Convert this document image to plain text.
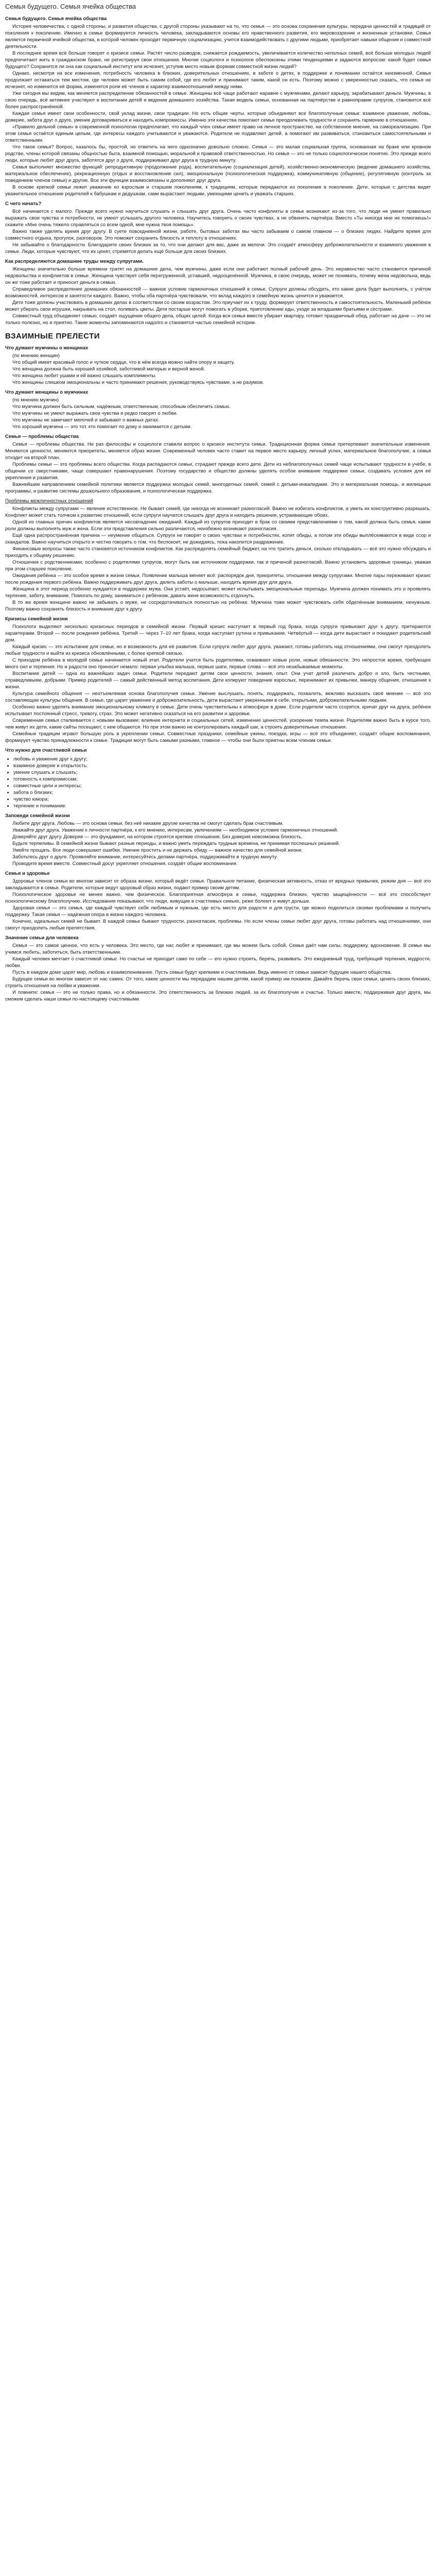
Семья будущего. Семья ячейка общества
Семья будущего. Семья ячейка общества

История человечества, с одной стороны, и развития общества, с другой стороны указывают на то, что семья — это основа сохранения культуры, передачи ценностей и традиций от поколения к поколению. Именно в семье формируется личность человека, закладываются основы его нравственного развития, его мировоззрение и жизненные установки. Семья является первичной ячейкой общества, в которой человек проходит первичную социализацию, учится взаимодействовать с другими людьми, приобретает навыки общения и совместной деятельности.

В последнее время всё больше говорят о кризисе семьи. Растёт число разводов, снижается рождаемость, увеличивается количество неполных семей, всё больше молодых людей предпочитают жить в гражданском браке, не регистрируя свои отношения. Многие социологи и психологи обеспокоены этими тенденциями и задаются вопросом: какой будет семья будущего? Сохранится ли она как социальный институт или исчезнет, уступив место новым формам совместной жизни людей?

Однако, несмотря на все изменения, потребность человека в близких, доверительных отношениях, в заботе о детях, в поддержке и понимании остаётся неизменной. Семья продолжает оставаться тем местом, где человек может быть самим собой, где его любят и принимают таким, какой он есть. Поэтому можно с уверенностью сказать, что семья не исчезнет, но изменится её форма, изменятся роли её членов и характер взаимоотношений между ними.

Уже сегодня мы видим, как меняется распределение обязанностей в семье. Женщины всё чаще работают наравне с мужчинами, делают карьеру, зарабатывают деньги. Мужчины, в свою очередь, всё активнее участвуют в воспитании детей и ведении домашнего хозяйства. Такая модель семьи, основанная на партнёрстве и равноправии супругов, становится всё более распространённой.

Каждая семья имеет свои особенности, свой уклад жизни, свои традиции. Но есть общие черты, которые объединяют все благополучные семьи: взаимное уважение, любовь, доверие, забота друг о друге, умение договариваться и находить компромиссы. Именно эти качества помогают семье преодолевать трудности и сохранять гармонию в отношениях.

«Правило дельной семьи» в современной психологии предполагает, что каждый член семьи имеет право на личное пространство, на собственное мнение, на самореализацию. При этом семья остаётся единым целым, где интересы каждого учитываются и уважаются. Родители не подавляют детей, а помогают им развиваться, становиться самостоятельными и ответственными.

Что такое семья? Вопрос, казалось бы, простой, но ответить на него однозначно довольно сложно. Семья — это малая социальная группа, основанная на браке или кровном родстве, члены которой связаны общностью быта, взаимной помощью, моральной и правовой ответственностью. Но семья — это не только социологическое понятие. Это прежде всего люди, которые любят друг друга, заботятся друг о друге, поддерживают друг друга в трудную минуту.

Семья выполняет множество функций: репродуктивную (продолжение рода), воспитательную (социализация детей), хозяйственно-экономическую (ведение домашнего хозяйства, материальное обеспечение), рекреационную (отдых и восстановление сил), эмоциональную (психологическая поддержка), коммуникативную (общение), регулятивную (контроль за поведением членов семьи) и другие. Все эти функции взаимосвязаны и дополняют друг друга.

В основе крепкой семьи лежит уважение ко взрослым и старшим поколениям, к традициям, которые передаются из поколения в поколение. Дети, которые с детства видят уважительное отношение родителей к бабушкам и дедушкам, сами вырастают людьми, умеющими ценить и уважать старших.

С чего начать?

Всё начинается с малого. Прежде всего нужно научиться слушать и слышать друг друга. Очень часто конфликты в семье возникают из-за того, что люди не умеют правильно выражать свои чувства и потребности, не умеют услышать другого человека. Научитесь говорить о своих чувствах, а не обвинять партнёра. Вместо «Ты никогда мне не помогаешь!» скажите «Мне очень тяжело справляться со всем одной, мне нужна твоя помощь».

Важно также уделять время друг другу. В суете повседневной жизни, работе, бытовых заботах мы часто забываем о самом главном — о близких людях. Найдите время для совместного отдыха, прогулок, разговоров. Это поможет сохранить близость и теплоту в отношениях.

Не забывайте о благодарности. Благодарите своих близких за то, что они делают для вас, даже за мелочи. Это создаёт атмосферу доброжелательности и взаимного уважения в семье. Люди, которые чувствуют, что их ценят, стремятся делать ещё больше для своих близких.

Как распределяются домашние труды между супругами.

Женщины значительно больше времени тратят на домашние дела, чем мужчины, даже если они работают полный рабочий день. Это неравенство часто становится причиной недовольства и конфликтов в семье. Женщина чувствует себя перегруженной, уставшей, недооценённой. Мужчина, в свою очередь, может не понимать, почему жена недовольна, ведь он же тоже работает и приносит деньги в семью.

Справедливое распределение домашних обязанностей — важное условие гармоничных отношений в семье. Супруги должны обсудить, кто какие дела будет выполнять, с учётом возможностей, интересов и занятости каждого. Важно, чтобы оба партнёра чувствовали, что вклад каждого в семейную жизнь ценится и уважается.

Дети тоже должны участвовать в домашних делах в соответствии со своим возрастом. Это приучает их к труду, формирует ответственность и самостоятельность. Маленький ребёнок может убирать свои игрушки, накрывать на стол, поливать цветы. Дети постарше могут помогать в уборке, приготовлении еды, уходе за младшими братьями и сёстрами.

Совместный труд объединяет семью, создаёт ощущение общего дела, общих целей. Когда вся семья вместе убирает квартиру, готовит праздничный обед, работает на даче — это не только полезно, но и приятно. Такие моменты запоминаются надолго и становятся частью семейной истории.

ВЗАИМНЫЕ ПРЕЛЕСТИ
Что думают мужчины о женщинах

(по мнению женщин)

Что общий имеет красивый голос и чуткое сердце, что в нём всегда можно найти опору и защиту.

Что женщина должна быть хорошей хозяйкой, заботливой матерью и верной женой.

Что женщина любит ушами и ей важно слышать комплименты.

Что женщины слишком эмоциональны и часто принимают решения, руководствуясь чувствами, а не разумом.

Что думают женщины о мужчинах

(по мнению мужчин)

Что мужчина должен быть сильным, надёжным, ответственным, способным обеспечить семью.

Что мужчины не умеют выражать свои чувства и редко говорят о любви.

Что мужчины не замечают мелочей и забывают о важных датах.

Что хороший мужчина — это тот, кто помогает по дому и занимается с детьми.

Семья — проблемы общества

Семья — проблемы общества. Не раз философы и социологи ставили вопрос о кризисе института семьи. Традиционная форма семьи претерпевает значительные изменения. Меняются ценности, меняются приоритеты, меняется образ жизни. Современный человек часто ставит на первое место карьеру, личный успех, материальное благополучие, а семья отходит на второй план.

Проблемы семьи — это проблемы всего общества. Когда распадаются семьи, страдают прежде всего дети. Дети из неблагополучных семей чаще испытывают трудности в учёбе, в общении со сверстниками, чаще совершают правонарушения. Поэтому государство и общество должны уделять особое внимание поддержке семьи, создавать условия для её укрепления и развития.

Важнейшим направлением семейной политики является поддержка молодых семей, многодетных семей, семей с детьми-инвалидами. Это и материальная помощь, и жилищные программы, и развитие системы дошкольного образования, и психологическая поддержка.

Проблемы межличностных отношений

Конфликты между супругами — явление естественное. Не бывает семей, где никогда не возникает разногласий. Важно не избегать конфликтов, а уметь их конструктивно разрешать. Конфликт может стать толчком к развитию отношений, если супруги научатся слышать друг друга и находить решения, устраивающие обоих.

Одной из главных причин конфликтов является несовпадение ожиданий. Каждый из супругов приходит в брак со своими представлениями о том, какой должна быть семья, какие роли должны выполнять муж и жена. Если эти представления сильно различаются, неизбежно возникают разногласия.

Ещё одна распространённая причина — неумение общаться. Супруги не говорят о своих чувствах и потребностях, копят обиды, а потом эти обиды выплёскиваются в виде ссор и скандалов. Важно научиться открыто и честно говорить о том, что беспокоит, не дожидаясь, пока накопится раздражение.

Финансовые вопросы также часто становятся источником конфликтов. Как распределять семейный бюджет, на что тратить деньги, сколько откладывать — всё это нужно обсуждать и приходить к общему решению.

Отношения с родственниками, особенно с родителями супругов, могут быть как источником поддержки, так и причиной разногласий. Важно установить здоровые границы, уважая при этом старшее поколение.

Ожидания ребёнка — это особое время в жизни семьи. Появление малыша меняет всё: распорядок дня, приоритеты, отношения между супругами. Многие пары переживают кризис после рождения первого ребёнка. Важно поддерживать друг друга, делить заботы о малыше, находить время друг для друга.

Женщина в этот период особенно нуждается в поддержке мужа. Она устаёт, недосыпает, может испытывать эмоциональные перепады. Мужчина должен понимать это и проявлять терпение, заботу, внимание. Помогать по дому, заниматься с ребёнком, давать жене возможность отдохнуть.

В то же время женщине важно не забывать о муже, не сосредотачиваться полностью на ребёнке. Мужчина тоже может чувствовать себя обделённым вниманием, ненужным. Поэтому важно сохранять близость и внимание друг к другу.

Кризисы семейной жизни

Психологи выделяют несколько кризисных периодов в семейной жизни. Первый кризис наступает в первый год брака, когда супруги привыкают друг к другу, притираются характерами. Второй — после рождения ребёнка. Третий — через 7–10 лет брака, когда наступает рутина и привыкание. Четвёртый — когда дети вырастают и покидают родительский дом.

Каждый кризис — это испытание для семьи, но и возможность для её развития. Если супруги любят друг друга, уважают, готовы работать над отношениями, они смогут преодолеть любые трудности и выйти из кризиса обновлёнными, с более крепкой связью.

С приходом ребёнка в молодой семье начинается новый этап. Родители учатся быть родителями, осваивают новые роли, новые обязанности. Это непростое время, требующее много сил и терпения. Но и радости оно приносит немало: первая улыбка малыша, первые шаги, первые слова — всё это незабываемые моменты.

Воспитание детей — одна из важнейших задач семьи. Родители передают детям свои ценности, знания, опыт. Они учат детей различать добро и зло, быть честными, справедливыми, добрыми. Пример родителей — самый действенный метод воспитания. Дети копируют поведение взрослых, перенимают их привычки, манеру общения, отношение к жизни.

Культура семейного общения — неотъемлемая основа благополучия семьи. Умение выслушать, понять, поддержать, похвалить, вежливо высказать своё мнение — всё это составляющие культуры общения. В семье, где царит уважение и доброжелательность, дети вырастают уверенными в себе, открытыми, доброжелательными людьми.

Особенно важно уделять внимание эмоциональному климату в семье. Дети очень чувствительны к атмосфере в доме. Если родители часто ссорятся, кричат друг на друга, ребёнок испытывает постоянный стресс, тревогу, страх. Это может негативно сказаться на его развитии и здоровье.

Современная семья сталкивается с новыми вызовами: влияние интернета и социальных сетей, изменение ценностей, ускорение темпа жизни. Родителям важно быть в курсе того, чем живут их дети, какие сайты посещают, с кем общаются. Но при этом важно не контролировать каждый шаг, а строить доверительные отношения.

Семейные традиции играют большую роль в укреплении семьи. Совместные праздники, семейные ужины, поездки, игры — всё это объединяет, создаёт общие воспоминания, формирует чувство принадлежности к семье. Традиции могут быть самыми разными, главное — чтобы они были приятны всем членам семьи.

Что нужно для счастливой семьи
• любовь и уважение друг к другу;
• взаимное доверие и открытость;
• умение слушать и слышать;
• готовность к компромиссам;
• совместные цели и интересы;
• забота о близких;
• чувство юмора;
• терпение и понимание.
Заповеди семейной жизни

Любите друг друга. Любовь — это основа семьи, без неё никакие другие качества не смогут сделать брак счастливым.

Уважайте друг друга. Уважение к личности партнёра, к его мнению, интересам, увлечениям — необходимое условие гармоничных отношений.

Доверяйте друг другу. Доверие — это фундамент, на котором строятся крепкие отношения. Без доверия невозможна близость.

Будьте терпеливы. В семейной жизни бывают разные периоды, и важно уметь переждать трудные времена, не принимая поспешных решений.

Умейте прощать. Все люди совершают ошибки. Умение простить и не держать обиду — важное качество для семейной жизни.

Заботьтесь друг о друге. Проявляйте внимание, интересуйтесь делами партнёра, поддерживайте в трудную минуту.

Проводите время вместе. Совместный досуг укрепляет отношения, создаёт общие воспоминания.

Семья и здоровье

Здоровье членов семьи во многом зависит от образа жизни, который ведёт семья. Правильное питание, физическая активность, отказ от вредных привычек, режим дня — всё это закладывается в семье. Родители, которые ведут здоровый образ жизни, подают пример своим детям.

Психологическое здоровье не менее важно, чем физическое. Благоприятная атмосфера в семье, поддержка близких, чувство защищённости — всё это способствует психологическому благополучию. Исследования показывают, что люди, живущие в счастливых семьях, реже болеют и живут дольше.

Здоровая семья — это семья, где каждый чувствует себя любимым и нужным, где есть место для радости и для грусти, где можно поделиться своими проблемами и получить поддержку. Такая семья — надёжная опора в жизни каждого человека.

Конечно, идеальных семей не бывает. В каждой семье бывают трудности, разногласия, проблемы. Но если члены семьи любят друг друга, готовы работать над отношениями, они смогут преодолеть любые препятствия.

Значение семьи для человека

Семья — это самое ценное, что есть у человека. Это место, где нас любят и принимают, где мы можем быть собой. Семья даёт нам силы, поддержку, вдохновение. В семье мы учимся любить, заботиться, быть ответственными.

Каждый человек мечтает о счастливой семье. Но счастье не приходит само по себе — его нужно строить, беречь, развивать. Это ежедневный труд, требующий терпения, мудрости, любви.

Пусть в каждом доме царят мир, любовь и взаимопонимание. Пусть семьи будут крепкими и счастливыми. Ведь именно от семьи зависит будущее нашего общества.

Будущее семьи во многом зависит от нас самих. От того, какие ценности мы передадим нашим детям, какой пример им покажем. Давайте беречь свои семьи, ценить своих близких, строить отношения на любви и уважении.

И помните: семья — это не только права, но и обязанности. Это ответственность за близких людей, за их благополучие и счастье. Только вместе, поддерживая друг друга, мы сможем сделать наши семьи по-настоящему счастливыми.
